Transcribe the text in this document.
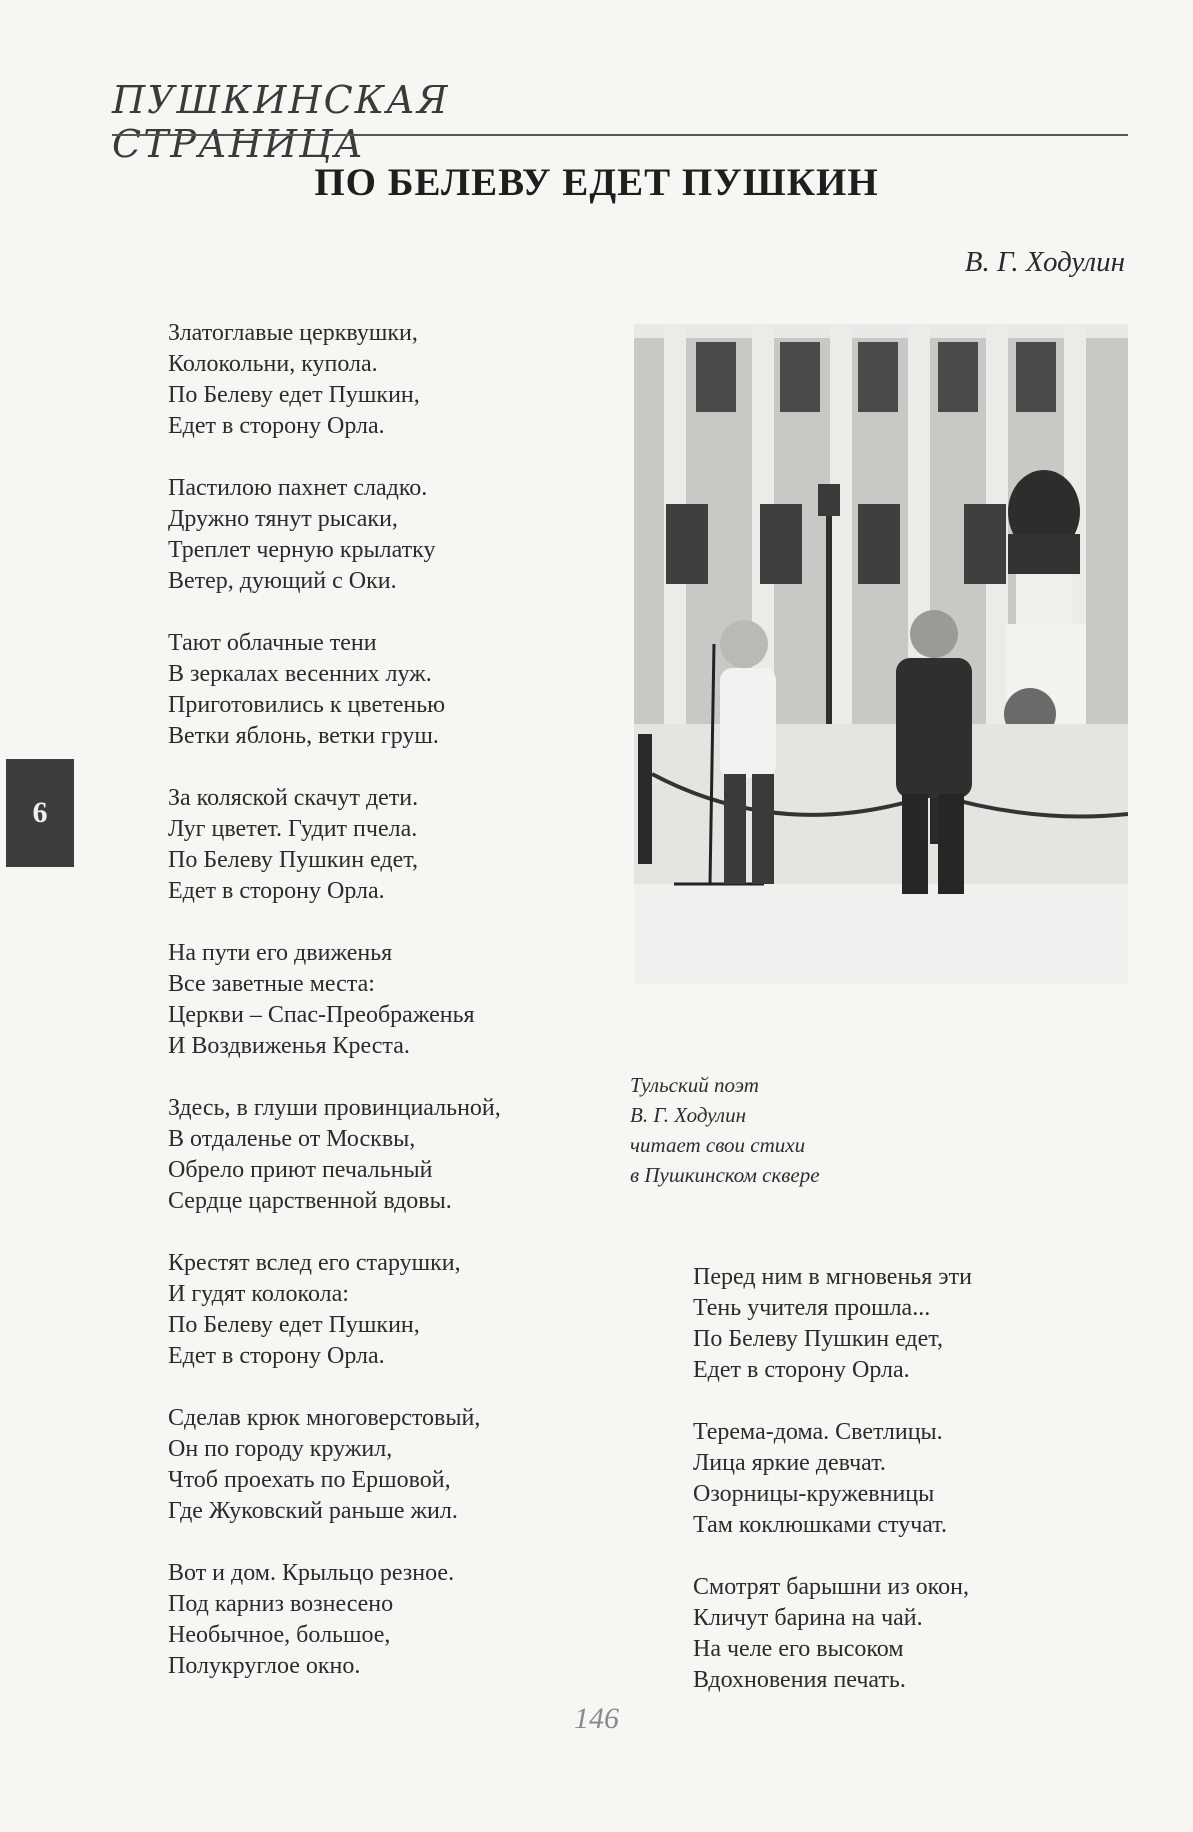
ПУШКИНСКАЯ СТРАНИЦА
ПО БЕЛЕВУ ЕДЕТ ПУШКИН
В. Г. Ходулин
6
Златоглавые церквушки,
Колокольни, купола.
По Белеву едет Пушкин,
Едет в сторону Орла.
Пастилою пахнет сладко.
Дружно тянут рысаки,
Треплет черную крылатку
Ветер, дующий с Оки.
Тают облачные тени
В зеркалах весенних луж.
Приготовились к цветенью
Ветки яблонь, ветки груш.
За коляской скачут дети.
Луг цветет. Гудит пчела.
По Белеву Пушкин едет,
Едет в сторону Орла.
На пути его движенья
Все заветные места:
Церкви – Спас-Преображенья
И Воздвиженья Креста.
Здесь, в глуши провинциальной,
В отдаленье от Москвы,
Обрело приют печальный
Сердце царственной вдовы.
Крестят вслед его старушки,
И гудят колокола:
По Белеву едет Пушкин,
Едет в сторону Орла.
Сделав крюк многоверстовый,
Он по городу кружил,
Чтоб проехать по Ершовой,
Где Жуковский раньше жил.
Вот и дом. Крыльцо резное.
Под карниз вознесено
Необычное, большое,
Полукруглое окно.
Перед ним в мгновенья эти
Тень учителя прошла...
По Белеву Пушкин едет,
Едет в сторону Орла.
Терема-дома. Светлицы.
Лица яркие девчат.
Озорницы-кружевницы
Там коклюшками стучат.
Смотрят барышни из окон,
Кличут барина на чай.
На челе его высоком
Вдохновения печать.
Тульский поэт
В. Г. Ходулин
читает свои стихи
в Пушкинском сквере
146
